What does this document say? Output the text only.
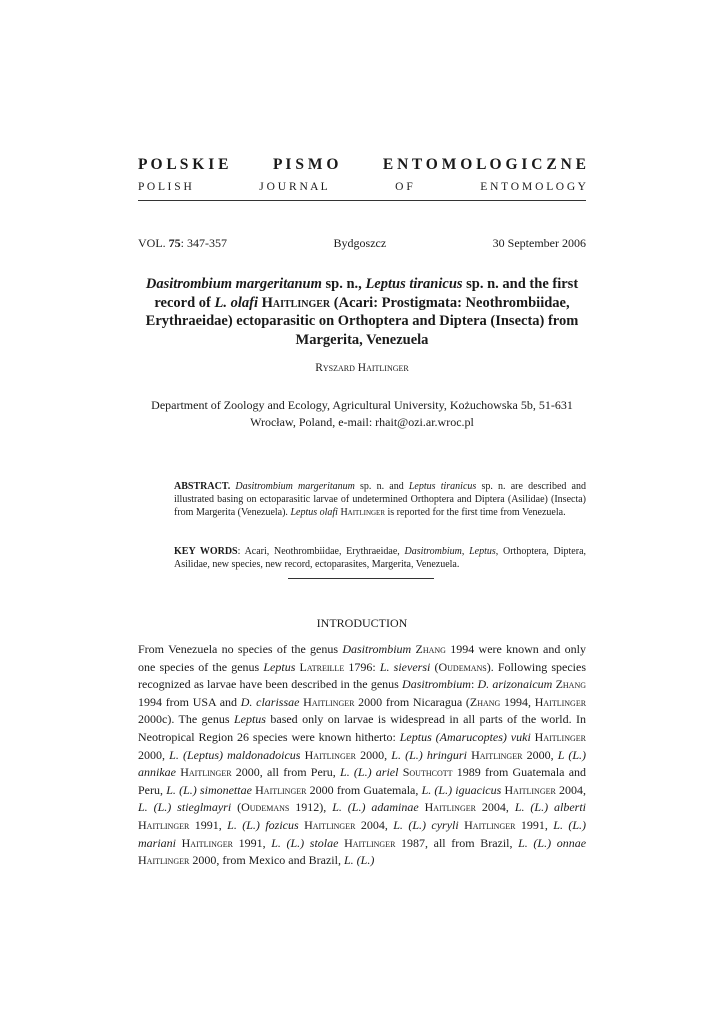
P O L S K I E	P I S M O	E N T O M O L O G I C Z N E
P O L I S H	J O U R N A L	O F	E N T O M O L O G Y
VOL. 75: 347-357	Bydgoszcz	30 September 2006
Dasitrombium margeritanum sp. n., Leptus tiranicus sp. n. and the first record of L. olafi Haitlinger (Acari: Prostigmata: Neothrombiidae, Erythraeidae) ectoparasitic on Orthoptera and Diptera (Insecta) from Margerita, Venezuela
Ryszard Haitlinger
Department of Zoology and Ecology, Agricultural University, Kożuchowska 5b, 51-631
Wrocław, Poland, e-mail: rhait@ozi.ar.wroc.pl
ABSTRACT. Dasitrombium margeritanum sp. n. and Leptus tiranicus sp. n. are described and illustrated basing on ectoparasitic larvae of undetermined Orthoptera and Diptera (Asilidae) (Insecta) from Margerita (Venezuela). Leptus olafi Haitlinger is reported for the first time from Venezuela.
KEY WORDS: Acari, Neothrombiidae, Erythraeidae, Dasitrombium, Leptus, Orthoptera, Diptera, Asilidae, new species, new record, ectoparasites, Margerita, Venezuela.
INTRODUCTION

From Venezuela no species of the genus Dasitrombium Zhang 1994 were known and only one species of the genus Leptus Latreille 1796: L. sieversi (Oudemans). Following species recognized as larvae have been described in the genus Dasitrombium: D. arizonaicum Zhang 1994 from USA and D. clarissae Haitlinger 2000 from Nicaragua (Zhang 1994, Haitlinger 2000c). The genus Leptus based only on larvae is widespread in all parts of the world. In Neotropical Region 26 species were known hitherto: Leptus (Amarucoptes) vuki Haitlinger 2000, L. (Leptus) maldonadoicus Haitlinger 2000, L. (L.) hringuri Haitlinger 2000, L (L.) annikae Haitlinger 2000, all from Peru, L. (L.) ariel Southcott 1989 from Guatemala and Peru, L. (L.) simonettae Haitlinger 2000 from Guatemala, L. (L.) iguacicus Haitlinger 2004, L. (L.) stieglmayri (Oudemans 1912), L. (L.) adaminae Haitlinger 2004, L. (L.) alberti Haitlinger 1991, L. (L.) fozicus Haitlinger 2004, L. (L.) cyryli Haitlinger 1991, L. (L.) mariani Haitlinger 1991, L. (L.) stolae Haitlinger 1987, all from Brazil, L. (L.) onnae Haitlinger 2000, from Mexico and Brazil, L. (L.)
